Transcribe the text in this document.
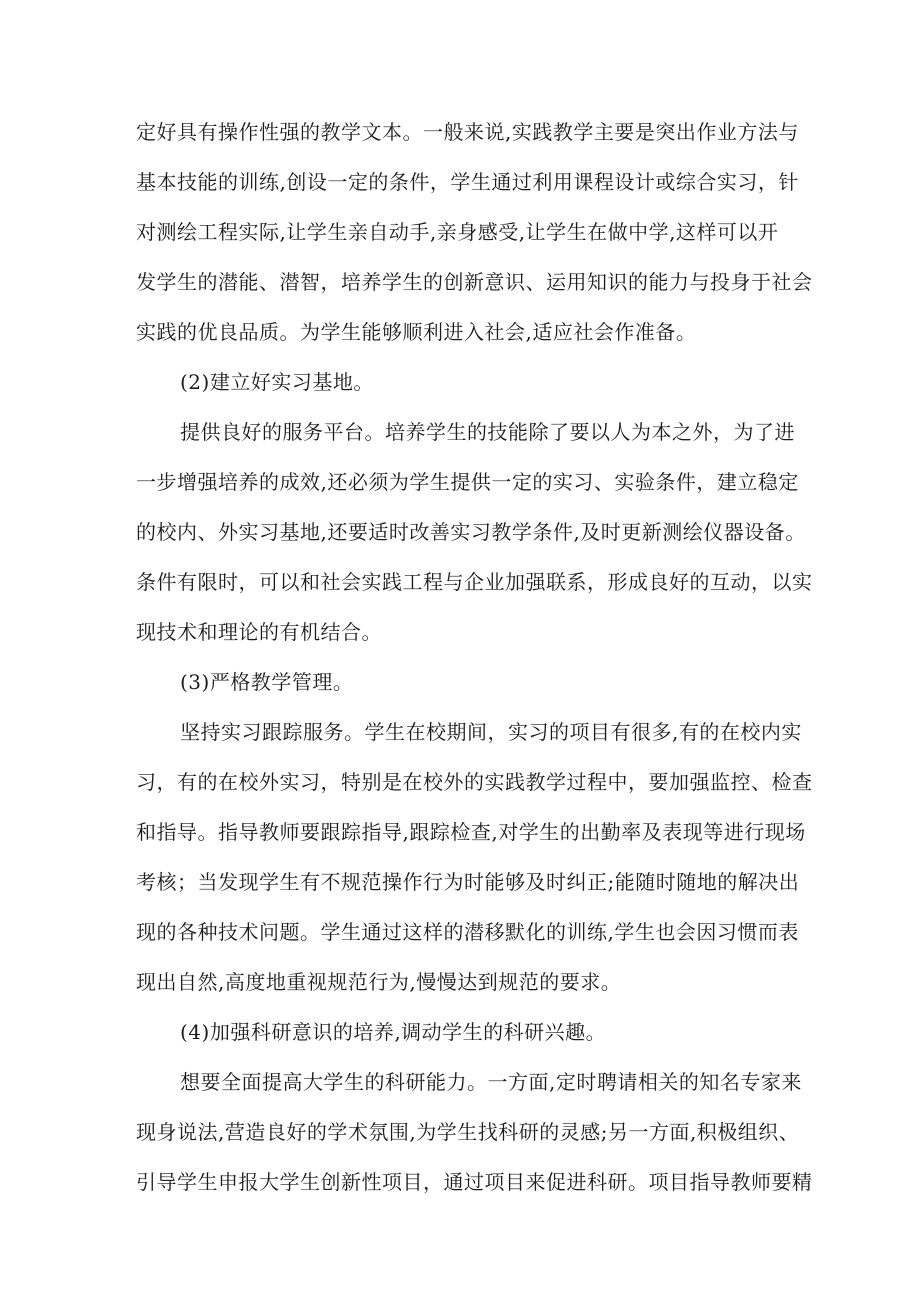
定好具有操作性强的教学文本。一般来说,实践教学主要是突出作业方法与
基本技能的训练,创设一定的条件，学生通过利用课程设计或综合实习，针
对测绘工程实际,让学生亲自动手,亲身感受,让学生在做中学,这样可以开
发学生的潜能、潜智，培养学生的创新意识、运用知识的能力与投身于社会
实践的优良品质。为学生能够顺利进入社会,适应社会作准备。
(2)建立好实习基地。
提供良好的服务平台。培养学生的技能除了要以人为本之外，为了进
一步增强培养的成效,还必须为学生提供一定的实习、实验条件，建立稳定
的校内、外实习基地,还要适时改善实习教学条件,及时更新测绘仪器设备。
条件有限时，可以和社会实践工程与企业加强联系，形成良好的互动，以实
现技术和理论的有机结合。
(3)严格教学管理。
坚持实习跟踪服务。学生在校期间，实习的项目有很多,有的在校内实
习，有的在校外实习，特别是在校外的实践教学过程中，要加强监控、检查
和指导。指导教师要跟踪指导,跟踪检查,对学生的出勤率及表现等进行现场
考核；当发现学生有不规范操作行为时能够及时纠正;能随时随地的解决出
现的各种技术问题。学生通过这样的潜移默化的训练,学生也会因习惯而表
现出自然,高度地重视规范行为,慢慢达到规范的要求。
(4)加强科研意识的培养,调动学生的科研兴趣。
想要全面提高大学生的科研能力。一方面,定时聘请相关的知名专家来
现身说法,营造良好的学术氛围,为学生找科研的灵感;另一方面,积极组织、
引导学生申报大学生创新性项目，通过项目来促进科研。项目指导教师要精
